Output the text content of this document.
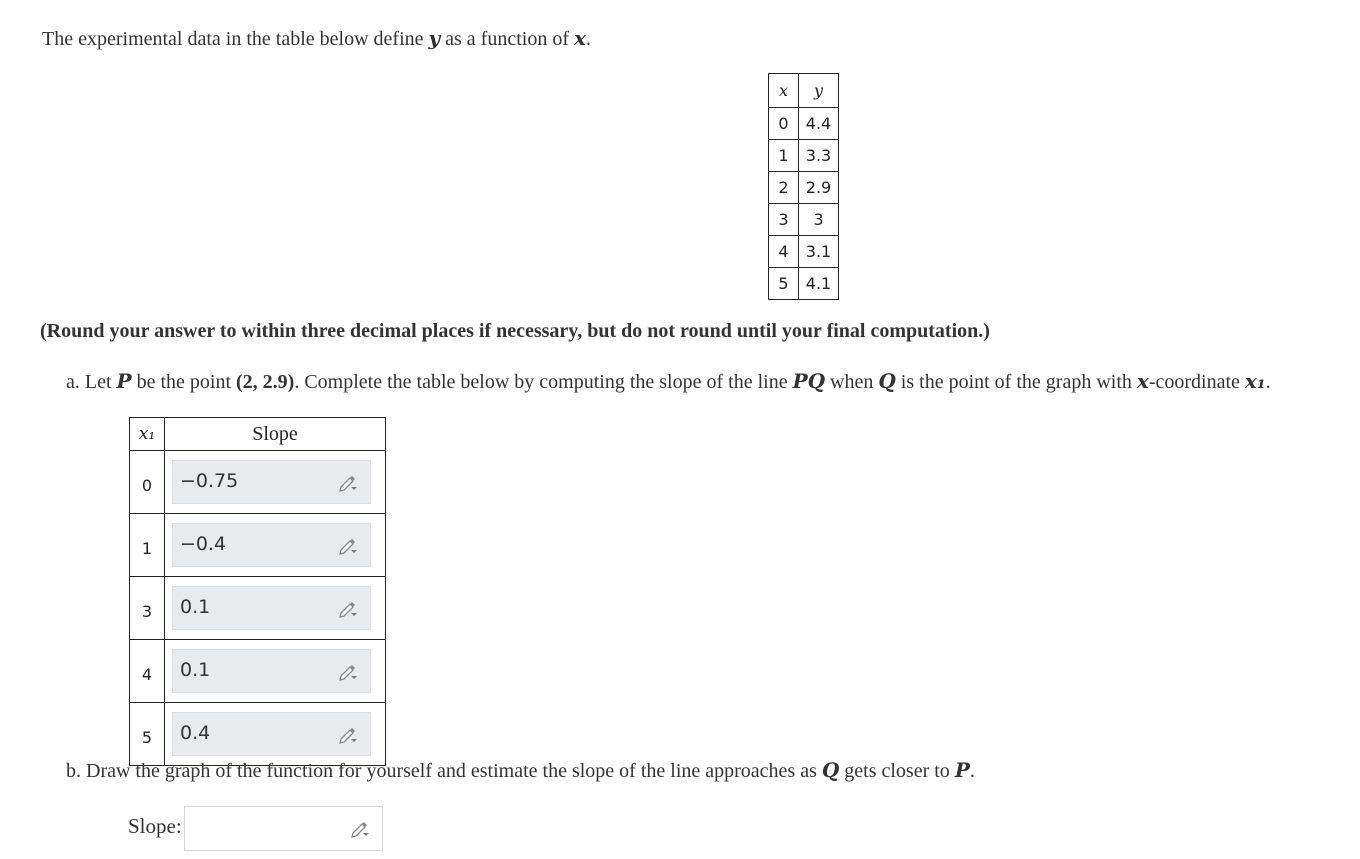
The experimental data in the table below define y as a function of x.
x	y
0	4.4
1	3.3
2	2.9
3	3
4	3.1
5	4.1
(Round your answer to within three decimal places if necessary, but do not round until your final computation.)
a. Let P be the point (2, 2.9). Complete the table below by computing the slope of the line PQ when Q is the point of the graph with x-coordinate x₁.
x₁	Slope
0	−0.75

1	−0.4

3	0.1

4	0.1

5	0.4
b. Draw the graph of the function for yourself and estimate the slope of the line approaches as Q gets closer to P.
Slope:
